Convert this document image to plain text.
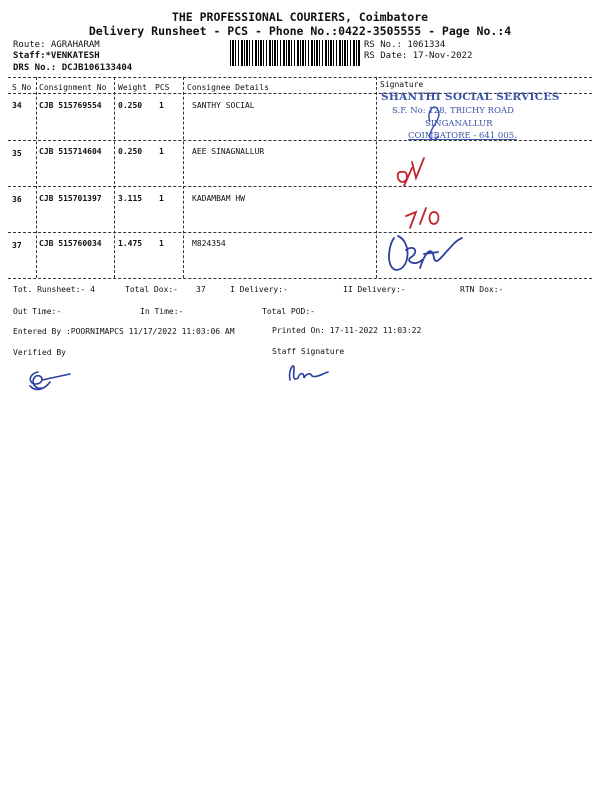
THE PROFESSIONAL COURIERS, Coimbatore
Delivery Runsheet - PCS - Phone No.:0422-3505555 - Page No.:4
Route: AGRAHARAM
Staff:*VENKATESH
DRS No.: DCJB106133404
RS No.: 1061334
RS Date: 17-Nov-2022
S No Consignment No Weight PCS Consignee Details	Signature
34 CJB 515769554 0.250 1	SANTHY SOCIAL
35 CJB 515714604 0.250 1	AEE SINAGNALLUR
36 CJB 515701397 3.115 1	KADAMBAM HW
37 CJB 515760034 1.475 1	M824354
SHANTHI SOCIAL SERVICES
S.F. No: 128, TRICHY ROAD
SINGANALLUR
COIMBATORE - 641 005.
Tot. Runsheet:- 4	Total Dox:- 37	I Delivery:-	II Delivery:-	RTN Dox:-
Out Time:-	In Time:-	Total POD:-
Entered By :POORNIMAPCS 11/17/2022 11:03:06 AM	Printed On: 17-11-2022 11:03:22
Verified By	Staff Signature
